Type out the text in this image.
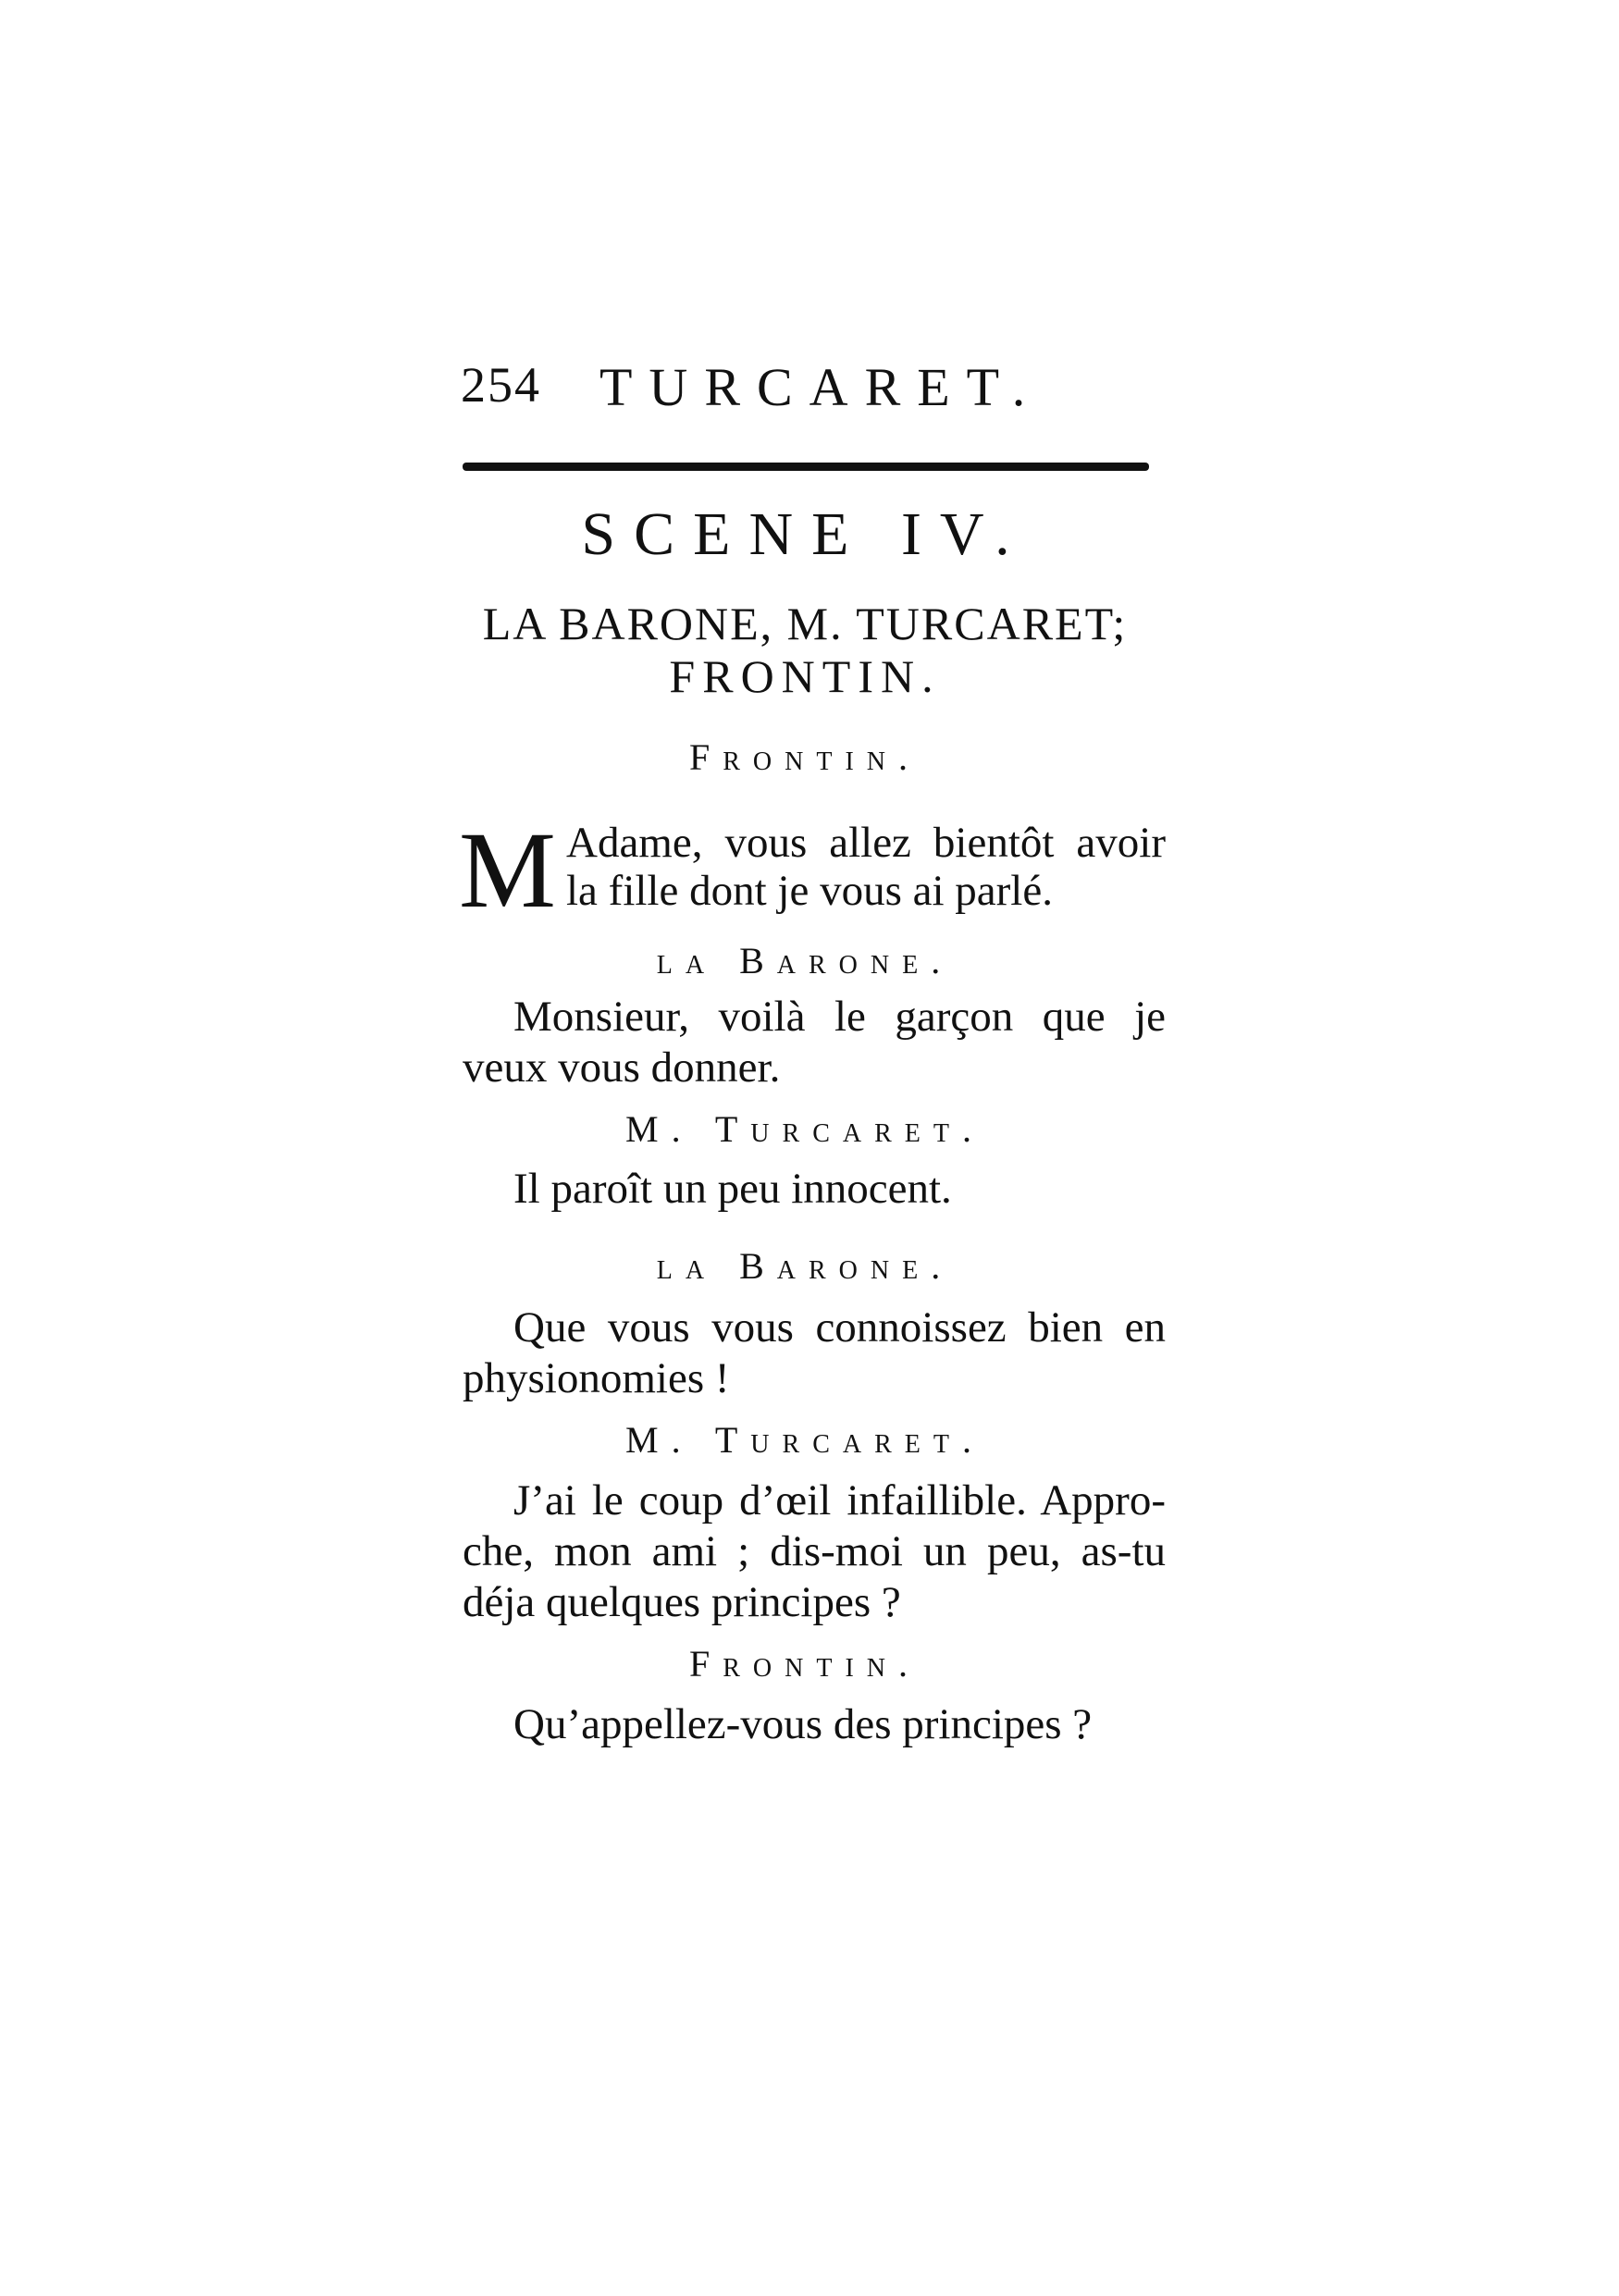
254 TURCARET.
SCENE IV.
LA BARONE, M. TURCARET;
FRONTIN.
Frontin.
M Adame, vous allez bientôt avoir
la fille dont je vous ai parlé.
la Barone.
Monsieur, voilà le garçon que je
veux vous donner.
M. Turcaret.
Il paroît un peu innocent.
la Barone.
Que vous vous connoissez bien en
physionomies !
M. Turcaret.
J’ai le coup d’œil infaillible. Appro-
che, mon ami ; dis-moi un peu, as-tu
déja quelques principes ?
Frontin.
Qu’appellez-vous des principes ?
